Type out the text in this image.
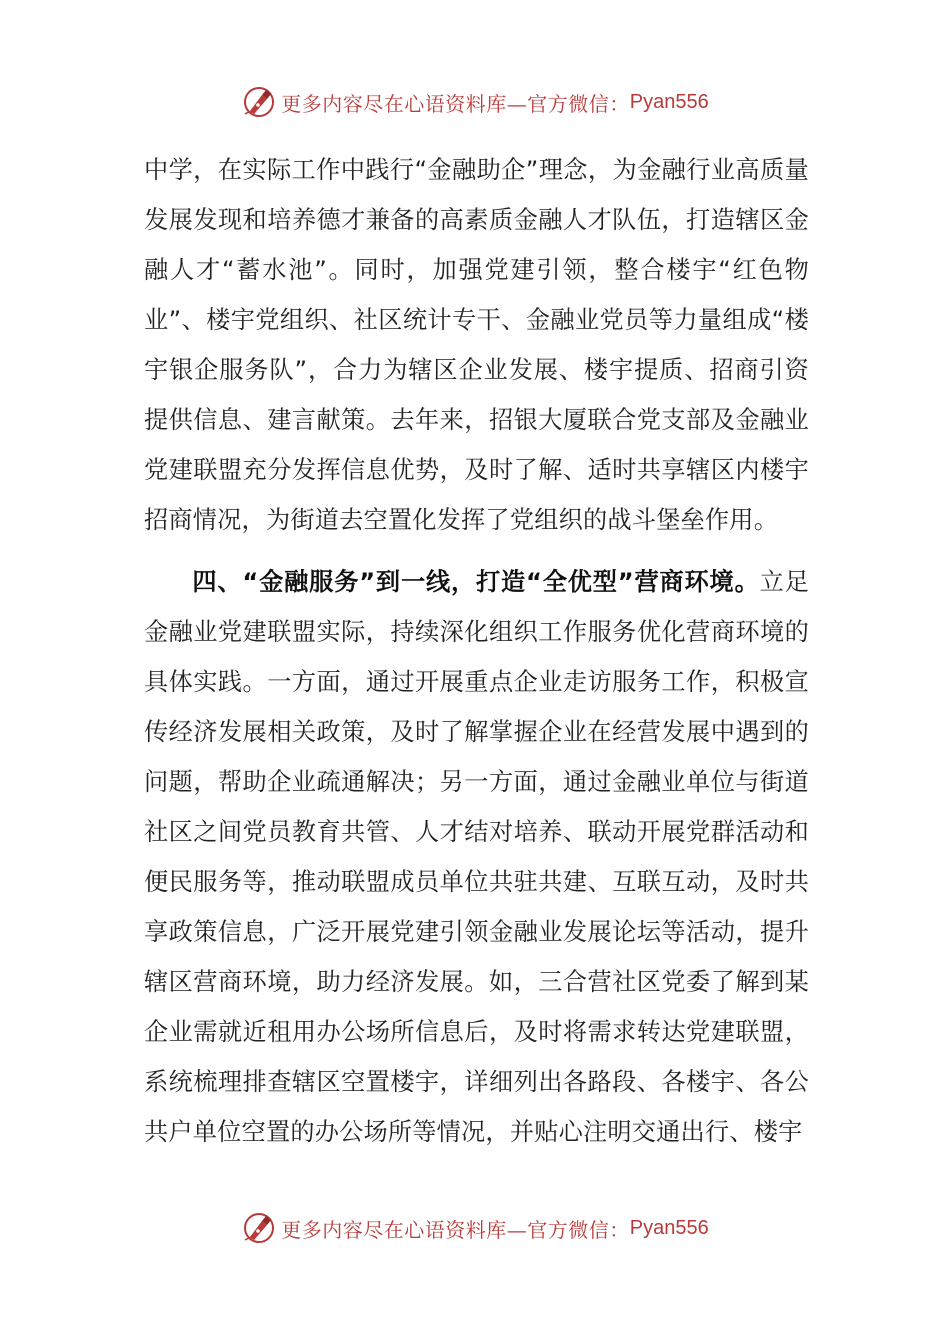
更多内容尽在心语资料库—官方微信： Pyan556

中学，在实际工作中践行“金融助企”理念，为金融行业高质量发展发现和培养德才兼备的高素质金融人才队伍，打造辖区金融人才“蓄水池”。同时，加强党建引领，整合楼宇“红色物业”、楼宇党组织、社区统计专干、金融业党员等力量组成“楼宇银企服务队”，合力为辖区企业发展、楼宇提质、招商引资提供信息、建言献策。去年来，招银大厦联合党支部及金融业党建联盟充分发挥信息优势，及时了解、适时共享辖区内楼宇招商情况，为街道去空置化发挥了党组织的战斗堡垒作用。

四、“金融服务”到一线，打造“全优型”营商环境。立足金融业党建联盟实际，持续深化组织工作服务优化营商环境的具体实践。一方面，通过开展重点企业走访服务工作，积极宣传经济发展相关政策，及时了解掌握企业在经营发展中遇到的问题，帮助企业疏通解决；另一方面，通过金融业单位与街道社区之间党员教育共管、人才结对培养、联动开展党群活动和便民服务等，推动联盟成员单位共驻共建、互联互动，及时共享政策信息，广泛开展党建引领金融业发展论坛等活动，提升辖区营商环境，助力经济发展。如，三合营社区党委了解到某企业需就近租用办公场所信息后，及时将需求转达党建联盟，系统梳理排查辖区空置楼宇，详细列出各路段、各楼宇、各公共户单位空置的办公场所等情况，并贴心注明交通出行、楼宇

更多内容尽在心语资料库—官方微信： Pyan556
